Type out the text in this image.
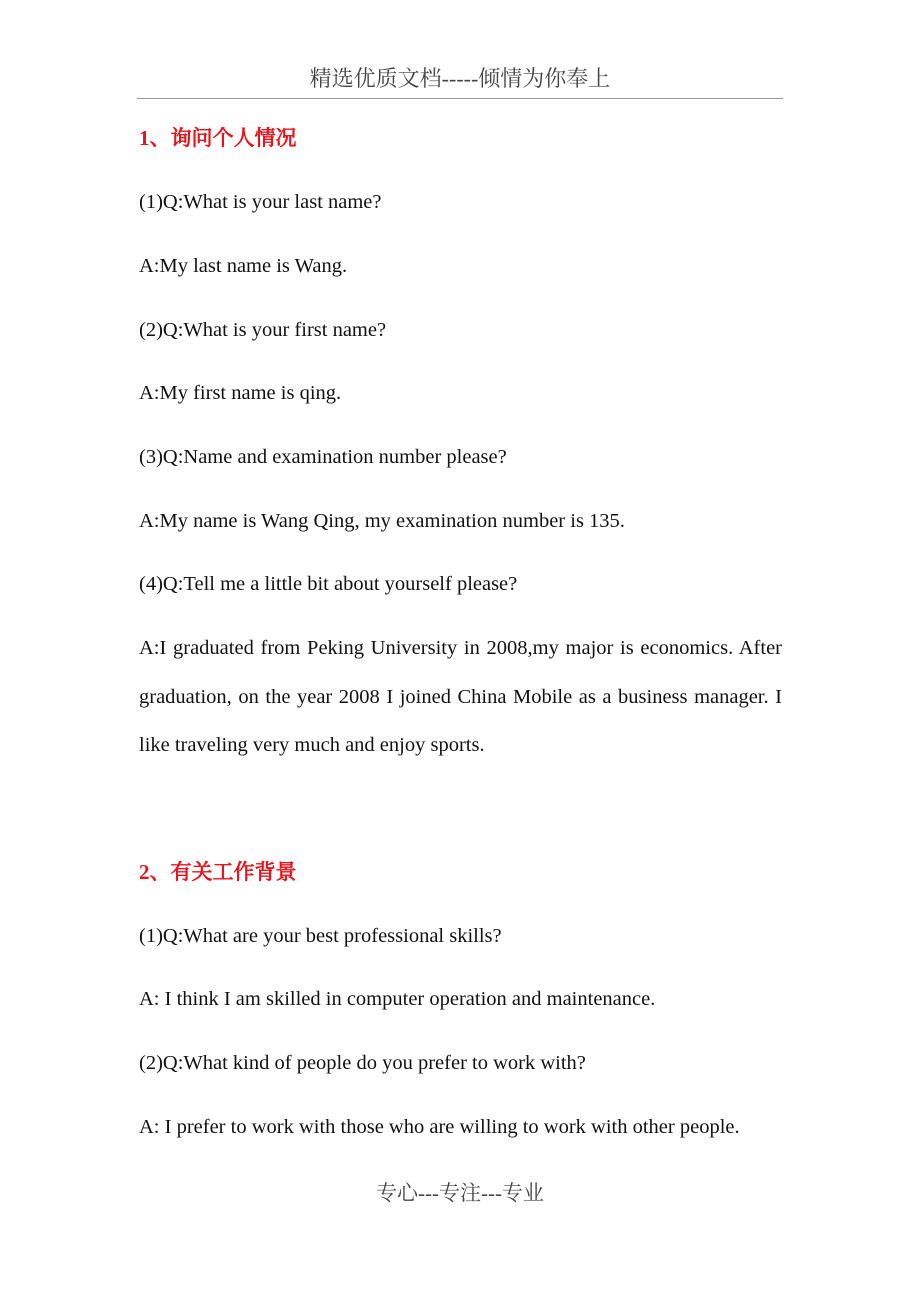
精选优质文档-----倾情为你奉上
1、询问个人情况
(1)Q:What is your last name?
A:My last name is Wang.
(2)Q:What is your first name?
A:My first name is qing.
(3)Q:Name and examination number please?
A:My name is Wang Qing, my examination number is 135.
(4)Q:Tell me a little bit about yourself please?
A:I graduated from Peking University in 2008,my major is economics. After graduation, on the year 2008 I joined China Mobile as a business manager. I like traveling very much and enjoy sports.
2、有关工作背景
(1)Q:What are your best professional skills?
A: I think I am skilled in computer operation and maintenance.
(2)Q:What kind of people do you prefer to work with?
A: I prefer to work with those who are willing to work with other people.
专心---专注---专业
